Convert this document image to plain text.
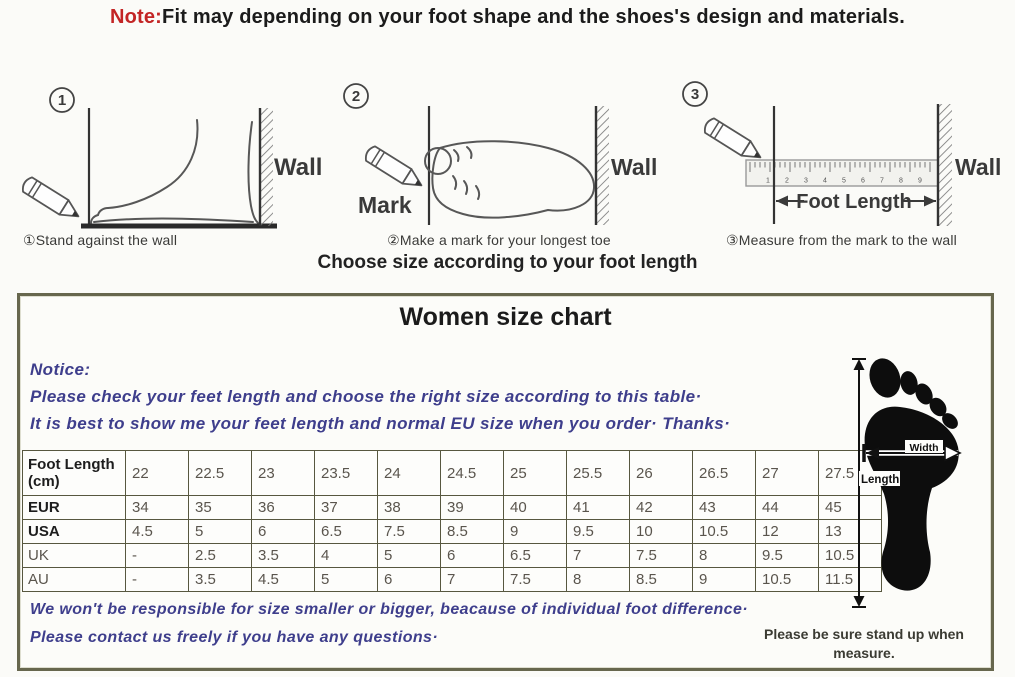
Note:Fit may depending on your foot shape and the shoes's design and materials.
1
Wall
①Stand against the wall
2
Mark
Wall
②Make a mark for your longest toe
3
1 2 3 4 5 6 7 8 9
Foot Length
Wall
③Measure from the mark to the wall
Choose size according to your foot length
Women size chart
Notice:
Please check your feet length and choose the right size according to this table·
It is best to show me your feet length and normal EU size when you order· Thanks·
Foot Length (cm)	22	22.5	23	23.5	24	24.5	25	25.5	26	26.5	27	27.5
EUR	34	35	36	37	38	39	40	41	42	43	44	45
USA	4.5	5	6	6.5	7.5	8.5	9	9.5	10	10.5	12	13
UK	-	2.5	3.5	4	5	6	6.5	7	7.5	8	9.5	10.5
AU	-	3.5	4.5	5	6	7	7.5	8	8.5	9	10.5	11.5
We won't be responsible for size smaller or bigger, beacause of individual foot difference·
Please contact us freely if you have any questions·
Length
Width
Please be sure stand up when measure.
